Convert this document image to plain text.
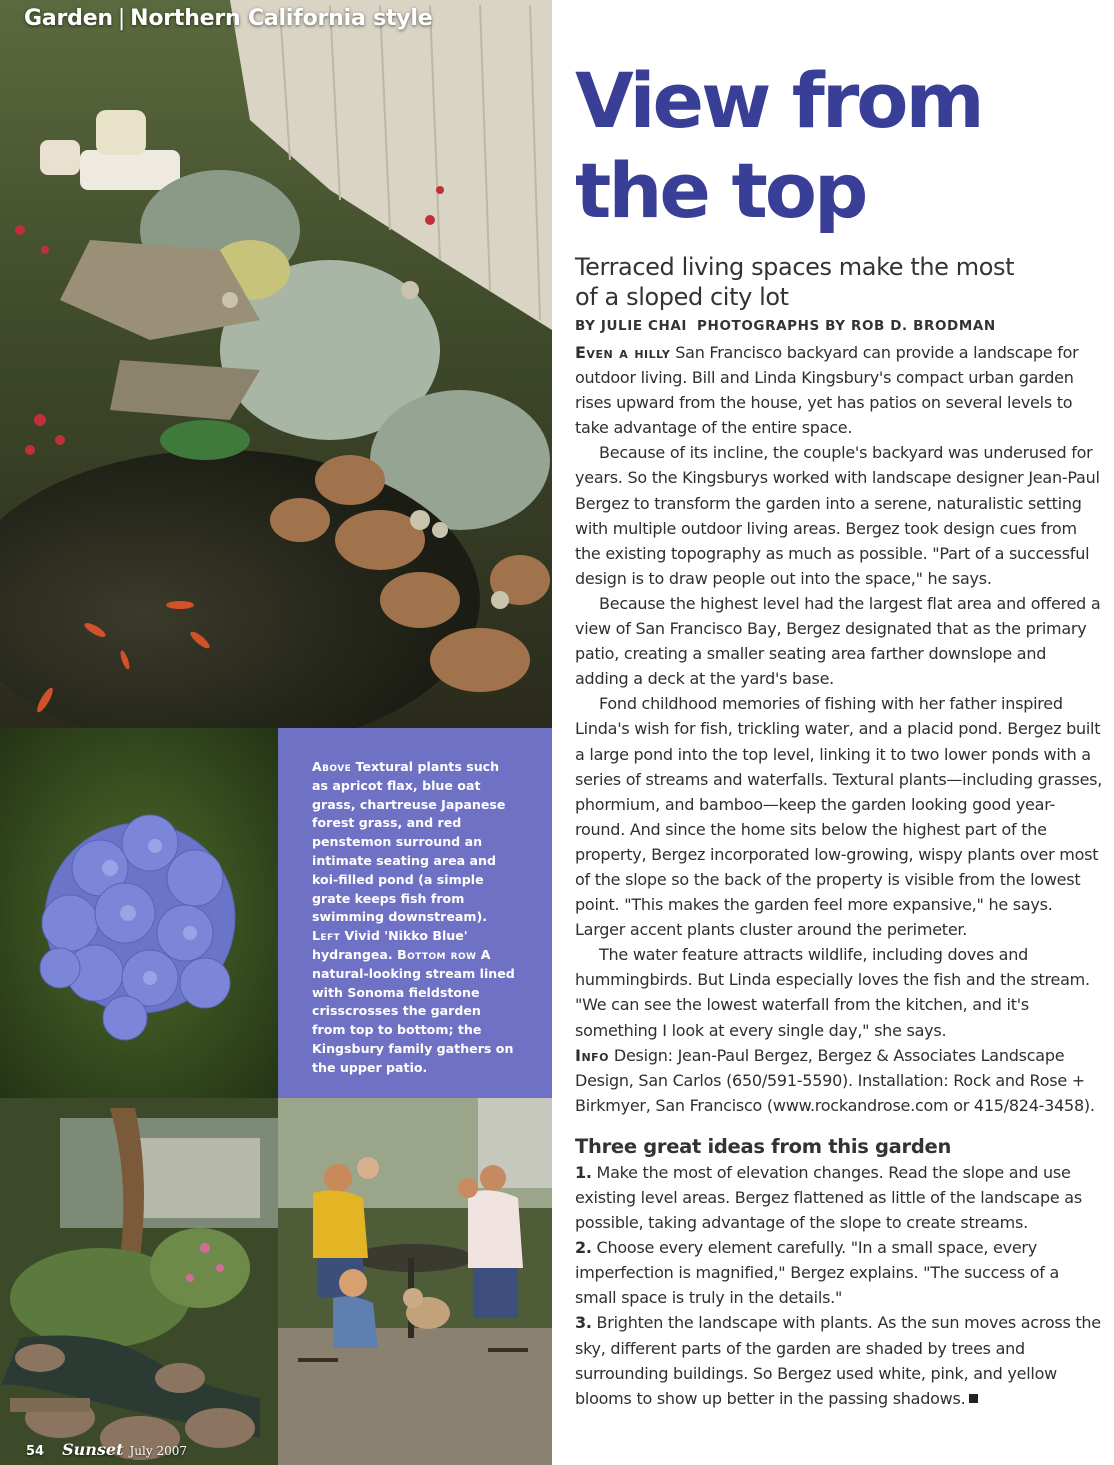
Garden | Northern California style
Above Textural plants such as apricot flax, blue oat grass, chartreuse Japanese forest grass, and red penstemon surround an intimate seating area and koi-filled pond (a simple grate keeps fish from swimming downstream). Left Vivid 'Nikko Blue' hydrangea. Bottom row A natural-looking stream lined with Sonoma fieldstone crisscrosses the garden from top to bottom; the Kingsbury family gathers on the upper patio.
54 Sunset July 2007
View from
the top
Terraced living spaces make the most of a sloped city lot
BY JULIE CHAI PHOTOGRAPHS BY ROB D. BRODMAN

Even a hilly San Francisco backyard can provide a landscape for outdoor living. Bill and Linda Kingsbury's compact urban garden rises upward from the house, yet has patios on several levels to take advantage of the entire space.

Because of its incline, the couple's backyard was underused for years. So the Kingsburys worked with landscape designer Jean-Paul Bergez to transform the garden into a serene, naturalistic setting with multiple outdoor living areas. Bergez took design cues from the existing topography as much as possible. "Part of a successful design is to draw people out into the space," he says.

Because the highest level had the largest flat area and offered a view of San Francisco Bay, Bergez designated that as the primary patio, creating a smaller seating area farther downslope and adding a deck at the yard's base.

Fond childhood memories of fishing with her father inspired Linda's wish for fish, trickling water, and a placid pond. Bergez built a large pond into the top level, linking it to two lower ponds with a series of streams and waterfalls. Textural plants—including grasses, phormium, and bamboo—keep the garden looking good year-round. And since the home sits below the highest part of the property, Bergez incorporated low-growing, wispy plants over most of the slope so the back of the property is visible from the lowest point. "This makes the garden feel more expansive," he says. Larger accent plants cluster around the perimeter.

The water feature attracts wildlife, including doves and hummingbirds. But Linda especially loves the fish and the stream. "We can see the lowest waterfall from the kitchen, and it's something I look at every single day," she says.

Info Design: Jean-Paul Bergez, Bergez & Associates Landscape Design, San Carlos (650/591-5590). Installation: Rock and Rose + Birkmyer, San Francisco (www.rockandrose.com or 415/824-3458).

Three great ideas from this garden

1. Make the most of elevation changes. Read the slope and use existing level areas. Bergez flattened as little of the landscape as possible, taking advantage of the slope to create streams.

2. Choose every element carefully. "In a small space, every imperfection is magnified," Bergez explains. "The success of a small space is truly in the details."

3. Brighten the landscape with plants. As the sun moves across the sky, different parts of the garden are shaded by trees and surrounding buildings. So Bergez used white, pink, and yellow blooms to show up better in the passing shadows.
